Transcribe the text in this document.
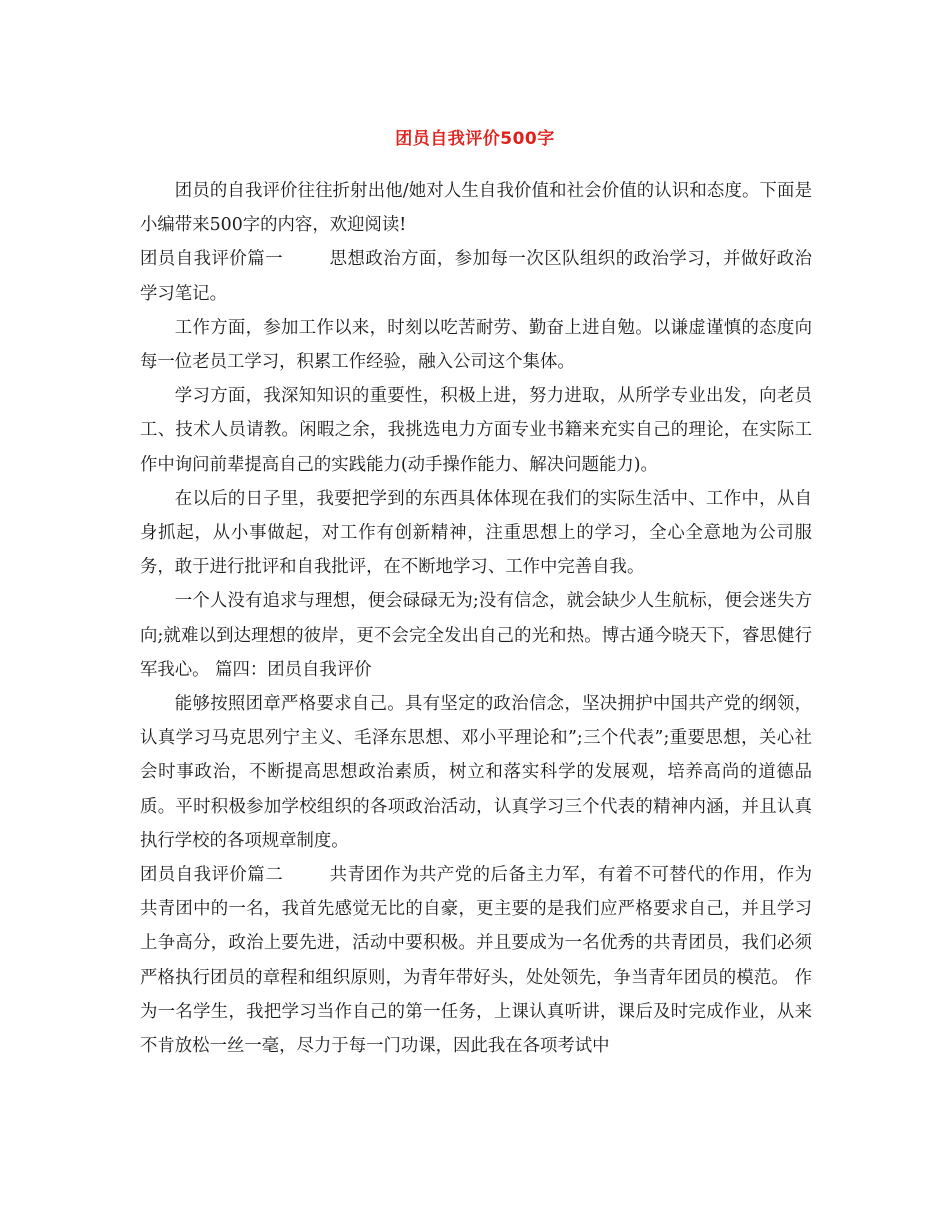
团员自我评价500字

团员的自我评价往往折射出他/她对人生自我价值和社会价值的认识和态度。下面是小编带来500字的内容，欢迎阅读!

团员自我评价篇一	思想政治方面，参加每一次区队组织的政治学习，并做好政治学习笔记。

工作方面，参加工作以来，时刻以吃苦耐劳、勤奋上进自勉。以谦虚谨慎的态度向每一位老员工学习，积累工作经验，融入公司这个集体。

学习方面，我深知知识的重要性，积极上进，努力进取，从所学专业出发，向老员工、技术人员请教。闲暇之余，我挑选电力方面专业书籍来充实自己的理论，在实际工作中询问前辈提高自己的实践能力(动手操作能力、解决问题能力)。

在以后的日子里，我要把学到的东西具体体现在我们的实际生活中、工作中，从自身抓起，从小事做起，对工作有创新精神，注重思想上的学习，全心全意地为公司服务，敢于进行批评和自我批评，在不断地学习、工作中完善自我。

一个人没有追求与理想，便会碌碌无为;没有信念，就会缺少人生航标，便会迷失方向;就难以到达理想的彼岸，更不会完全发出自己的光和热。博古通今晓天下，睿思健行军我心。 篇四：团员自我评价

能够按照团章严格要求自己。具有坚定的政治信念，坚决拥护中国共产党的纲领，认真学习马克思列宁主义、毛泽东思想、邓小平理论和”;三个代表”;重要思想，关心社会时事政治，不断提高思想政治素质，树立和落实科学的发展观，培养高尚的道德品质。平时积极参加学校组织的各项政治活动，认真学习三个代表的精神内涵，并且认真执行学校的各项规章制度。

团员自我评价篇二	共青团作为共产党的后备主力军，有着不可替代的作用，作为共青团中的一名，我首先感觉无比的自豪，更主要的是我们应严格要求自己，并且学习上争高分，政治上要先进，活动中要积极。并且要成为一名优秀的共青团员，我们必须严格执行团员的章程和组织原则，为青年带好头，处处领先，争当青年团员的模范。 作为一名学生，我把学习当作自己的第一任务，上课认真听讲，课后及时完成作业，从来不肯放松一丝一毫，尽力于每一门功课，因此我在各项考试中
